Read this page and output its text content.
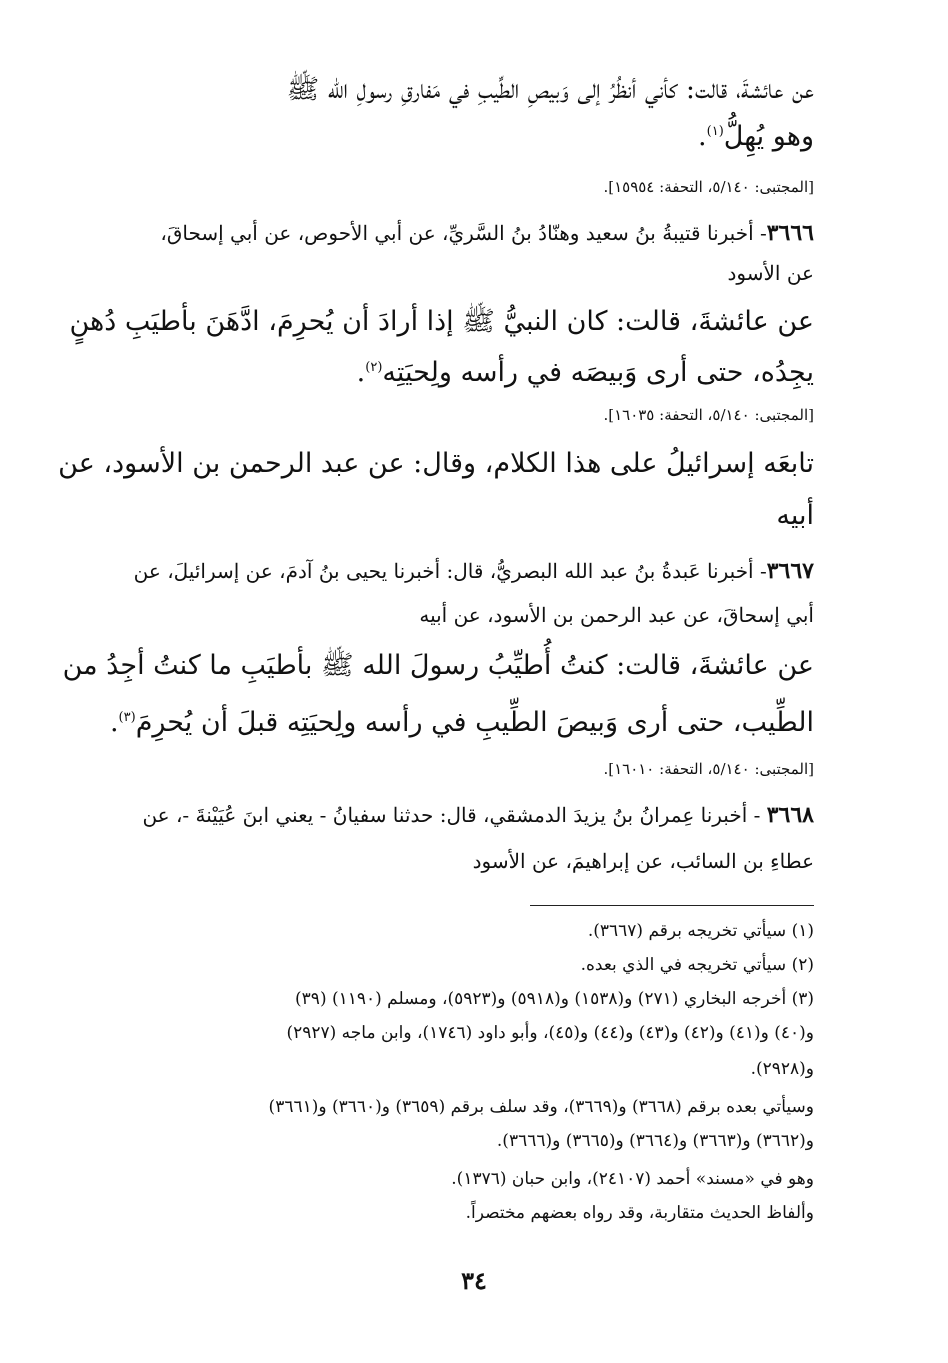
عن عائشةَ، قالت: كأني أنظُرُ إلى وَبيصِ الطِّيبِ في مَفارقِ رسولِ الله ﷺ
وهو يُهِلُّ$^{(١)}$.
[المجتبى: ٥/١٤٠، التحفة: ١٥٩٥٤].
٣٦٦٦- أخبرنا قتيبةُ بنُ سعيد وهنّادُ بنُ السَّريِّ، عن أبي الأحوص، عن أبي إسحاقَ،
عن الأسود
عن عائشةَ، قالت: كان النبيُّ ﷺ إذا أرادَ أن يُحرِمَ، ادَّهَنَ بأطيَبِ دُهنٍ
يجِدُه، حتى أرى وَبيصَه في رأسه ولِحيَتِه$^{(٢)}$.
[المجتبى: ٥/١٤٠، التحفة: ١٦٠٣٥].
تابعَه إسرائيلُ على هذا الكلام، وقال: عن عبد الرحمن بن الأسود، عن
أبيه
٣٦٦٧- أخبرنا عَبدةُ بنُ عبد الله البصريُّ، قال: أخبرنا يحيى بنُ آدمَ، عن إسرائيلَ، عن
أبي إسحاقَ، عن عبد الرحمن بن الأسود، عن أبيه
عن عائشةَ، قالت: كنتُ أُطيِّبُ رسولَ الله ﷺ بأطيَبِ ما كنتُ أجِدُ من
الطِّيب، حتى أرى وَبيصَ الطِّيبِ في رأسه ولِحيَتِه قبلَ أن يُحرِمَ$^{(٣)}$.
[المجتبى: ٥/١٤٠، التحفة: ١٦٠١٠].
٣٦٦٨ - أخبرنا عِمرانُ بنُ يزيدَ الدمشقي، قال: حدثنا سفيانُ - يعني ابنَ عُيَيْنةَ -، عن
عطاءِ بن السائب، عن إبراهيمَ، عن الأسود
(١) سيأتي تخريجه برقم (٣٦٦٧).
(٢) سيأتي تخريجه في الذي بعده.
(٣) أخرجه البخاري (٢٧١) و(١٥٣٨) و(٥٩١٨) و(٥٩٢٣)، ومسلم (١١٩٠) (٣٩)
و(٤٠) و(٤١) و(٤٢) و(٤٣) و(٤٤) و(٤٥)، وأبو داود (١٧٤٦)، وابن ماجه (٢٩٢٧)
و(٢٩٢٨).
وسيأتي بعده برقم (٣٦٦٨) و(٣٦٦٩)، وقد سلف برقم (٣٦٥٩) و(٣٦٦٠) و(٣٦٦١)
و(٣٦٦٢) و(٣٦٦٣) و(٣٦٦٤) و(٣٦٦٥) و(٣٦٦٦).
وهو في «مسند» أحمد (٢٤١٠٧)، وابن حبان (١٣٧٦).
وألفاظ الحديث متقاربة، وقد رواه بعضهم مختصراً.
٣٤
